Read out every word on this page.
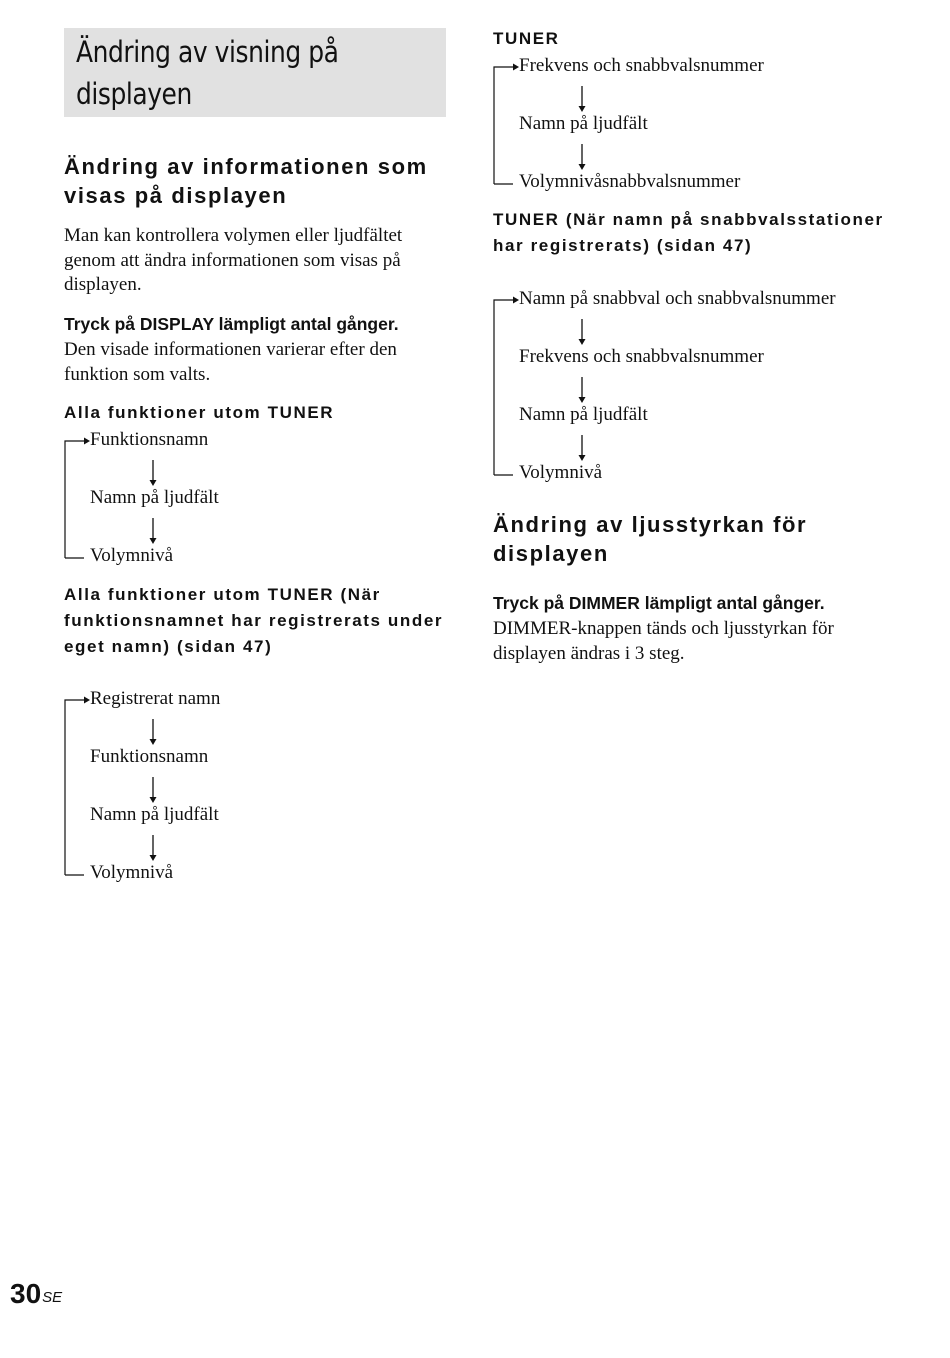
Ändring av visning på displayen
Ändring av informationen som visas på displayen

Man kan kontrollera volymen eller ljudfältet genom att ändra informationen som visas på displayen.

Tryck på DISPLAY lämpligt antal gånger.

Den visade informationen varierar efter den funktion som valts.

Alla funktioner utom TUNER
Funktionsnamn
Namn på ljudfält
Volymnivå
Alla funktioner utom TUNER (När funktionsnamnet har registrerats under eget namn) (sidan 47)
Registrerat namn
Funktionsnamn
Namn på ljudfält
Volymnivå
TUNER
Frekvens och snabbvalsnummer
Namn på ljudfält
Volymnivåsnabbvalsnummer
TUNER (När namn på snabbvalsstationer har registrerats) (sidan 47)
Namn på snabbval och snabbvalsnummer
Frekvens och snabbvalsnummer
Namn på ljudfält
Volymnivå
Ändring av ljusstyrkan för displayen

Tryck på DIMMER lämpligt antal gånger.

DIMMER-knappen tänds och ljusstyrkan för displayen ändras i 3 steg.

$30^{SE}$
